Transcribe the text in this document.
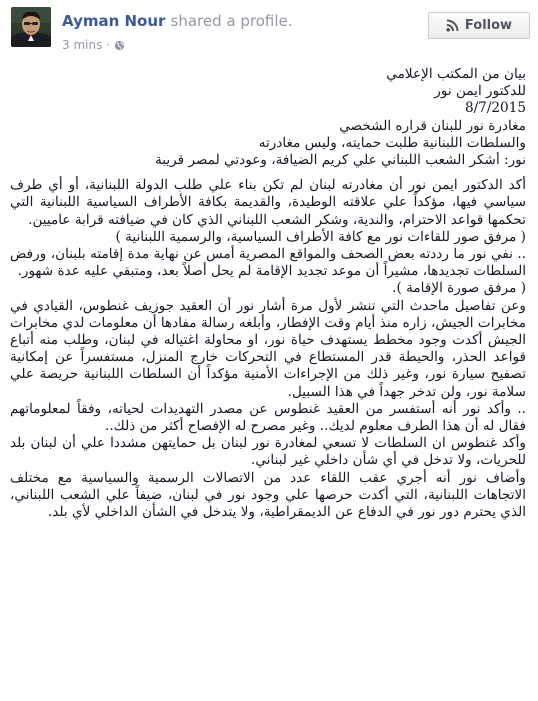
Ayman Nour shared a profile.
3 mins ·
Follow
بيان من المكتب الإعلامي
للدكتور ايمن نور
8/7/2015
مغادرة نور للبنان قراره الشخصي
والسلطات اللبنانية طلبت حمايته، وليس مغادرته
نور: أشكر الشعب اللبناني علي كريم الضيافة، وعودتي لمصر قريبة
أكد الدكتور ايمن نور أن مغادرته لبنان لم تكن بناء علي طلب الدولة اللبنانية، أو أي طرف سياسي فيها، مؤكداً علي علاقته الوطيدة، والقديمة بكافة الأطراف السياسية اللبنانية التي تحكمها قواعد الاحترام، والندية، وشكر الشعب اللبناني الذي كان في ضيافته قرابة عاميين.
( مرفق صور للقاءات نور مع كافة الأطراف السياسية، والرسمية اللبنانية )
.. نفي نور ما رددته بعض الصحف والمواقع المصرية أمس عن نهاية مدة إقامته بلبنان، ورفض السلطات تجديدها، مشيراً أن موعد تجديد الإقامة لم يحل أصلاً بعد، ومتبقي عليه عدة شهور.
( مرفق صورة الإقامة ).
وعن تفاصيل ماحدث التي تنشر لأول مرة أشار نور أن العقيد جوزيف غنطوس، القيادي في مخابرات الجيش، زاره منذ أيام وقت الإفطار، وأبلغه رسالة مفادها أن معلومات لدي مخابرات الجيش أكدت وجود مخطط يستهدف حياة نور، او محاولة اغتياله في لبنان، وطلب منه أتباع قواعد الحذر، والحيطة قدر المستطاع في التحركات خارج المنزل، مستفسراً عن إمكانية تصفيح سيارة نور، وغير ذلك من الإجراءات الأمنية مؤكداً أن السلطات اللبنانية حريصة علي سلامة نور، ولن تدخر جهداً في هذا السبيل.
.. وأكد نور أنه أستفسر من العقيد غنطوس عن مصدر التهديدات لحياته، وفقاً لمعلوماتهم فقال له أن هذا الطرف معلوم لديك.. وغير مصرح له الإفصاح أكثر من ذلك..
وأكد غنطوس ان السلطات لا تسعي لمغادرة نور لبنان بل حمايتهن مشددا علي أن لبنان بلد للحريات، ولا تدخل في أي شأن داخلي غير لبناني.
وأضاف نور أنه أجري عقب اللقاء عدد من الاتصالات الرسمية والسياسية مع مختلف الاتجاهات اللبنانية، التي أكدت حرصها علي وجود نور في لبنان، ضيفاً علي الشعب اللبناني، الذي يحترم دور نور في الدفاع عن الديمقراطية، ولا يتدخل في الشأن الداخلي لأي بلد.
